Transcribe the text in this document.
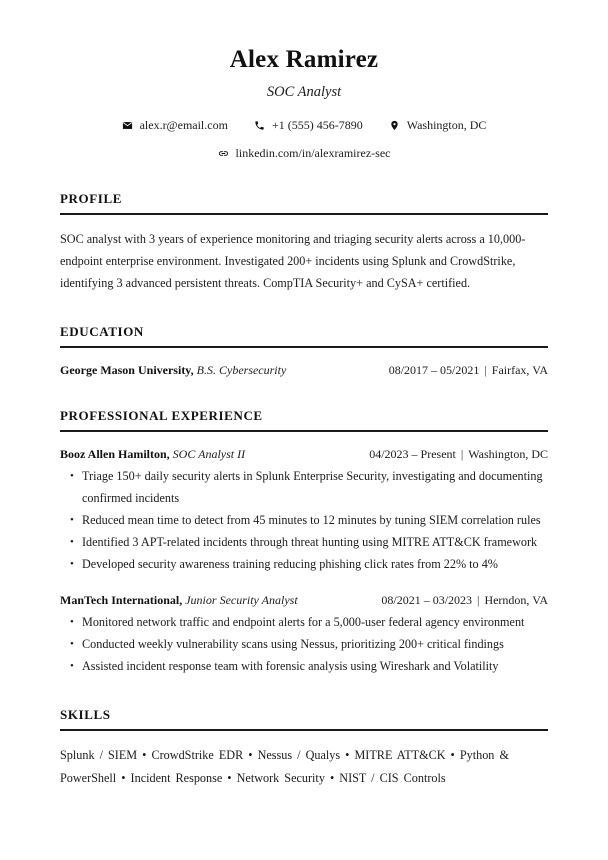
Alex Ramirez
SOC Analyst
alex.r@email.com	+1 (555) 456-7890	Washington, DC
linkedin.com/in/alexramirez-sec
PROFILE

SOC analyst with 3 years of experience monitoring and triaging security alerts across a 10,000-endpoint enterprise environment. Investigated 200+ incidents using Splunk and CrowdStrike, identifying 3 advanced persistent threats. CompTIA Security+ and CySA+ certified.

EDUCATION
George Mason University, B.S. Cybersecurity	08/2017 – 05/2021 | Fairfax, VA
PROFESSIONAL EXPERIENCE
Booz Allen Hamilton, SOC Analyst II	04/2023 – Present | Washington, DC
• Triage 150+ daily security alerts in Splunk Enterprise Security, investigating and documenting confirmed incidents
• Reduced mean time to detect from 45 minutes to 12 minutes by tuning SIEM correlation rules
• Identified 3 APT-related incidents through threat hunting using MITRE ATT&CK framework
• Developed security awareness training reducing phishing click rates from 22% to 4%
ManTech International, Junior Security Analyst	08/2021 – 03/2023 | Herndon, VA
• Monitored network traffic and endpoint alerts for a 5,000-user federal agency environment
• Conducted weekly vulnerability scans using Nessus, prioritizing 200+ critical findings
• Assisted incident response team with forensic analysis using Wireshark and Volatility
SKILLS

Splunk / SIEM • CrowdStrike EDR • Nessus / Qualys • MITRE ATT&CK • Python & PowerShell • Incident Response • Network Security • NIST / CIS Controls
